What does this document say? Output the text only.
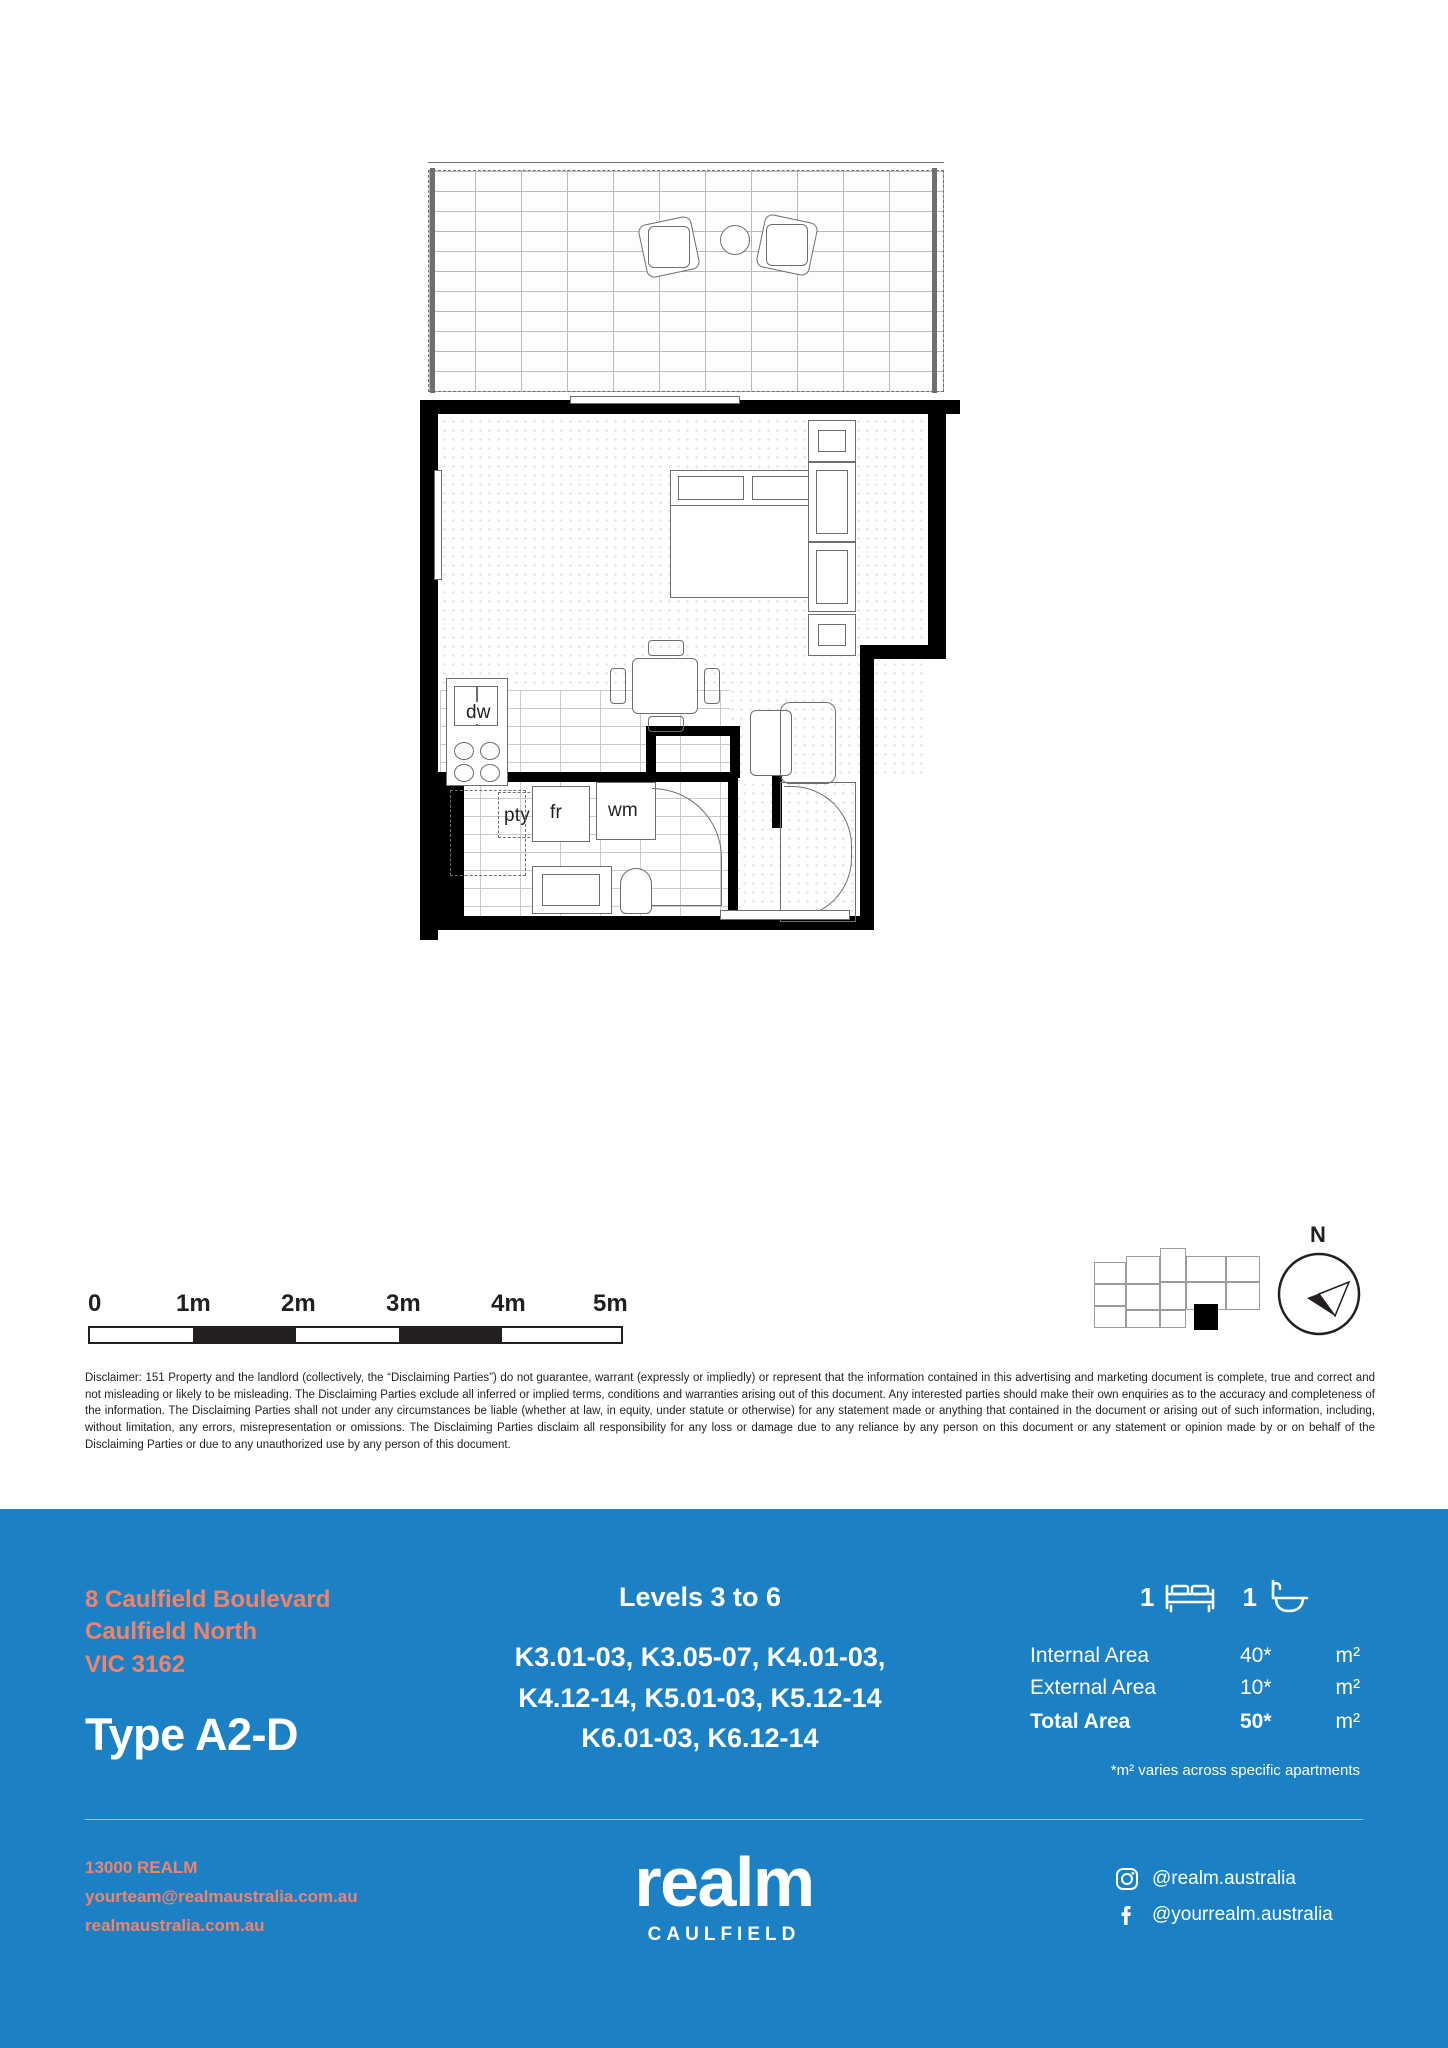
dw
pty fr wm
0	1m	2m	3m	4m	5m
N
Disclaimer: 151 Property and the landlord (collectively, the “Disclaiming Parties”) do not guarantee, warrant (expressly or impliedly) or represent that the information contained in this advertising and marketing document is complete, true and correct and not misleading or likely to be misleading. The Disclaiming Parties exclude all inferred or implied terms, conditions and warranties arising out of this document. Any interested parties should make their own enquiries as to the accuracy and completeness of the information. The Disclaiming Parties shall not under any circumstances be liable (whether at law, in equity, under statute or otherwise) for any statement made or anything that contained in the document or arising out of such information, including, without limitation, any errors, misrepresentation or omissions. The Disclaiming Parties disclaim all responsibility for any loss or damage due to any reliance by any person on this document or any statement or opinion made by or on behalf of the Disclaiming Parties or due to any unauthorized use by any person of this document.
8 Caulfield Boulevard
Caulfield North
VIC 3162
Type A2-D
Levels 3 to 6
K3.01-03, K3.05-07, K4.01-03,
K4.12-14, K5.01-03, K5.12-14
K6.01-03, K6.12-14
1	1
Internal Area	40*	m²
External Area	10*	m²
Total Area	50*	m²
*m² varies across specific apartments
13000 REALM
yourteam@realmaustralia.com.au
realmaustralia.com.au
realm
CAULFIELD
@realm.australia
@yourrealm.australia
